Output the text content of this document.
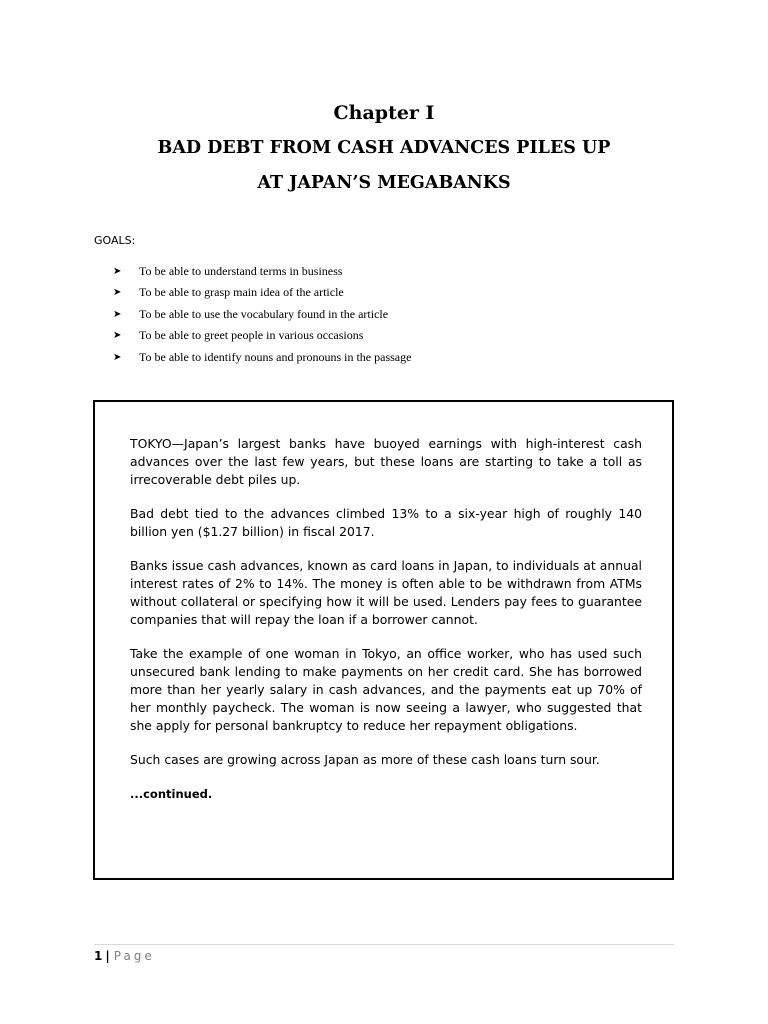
Chapter I
BAD DEBT FROM CASH ADVANCES PILES UP
AT JAPAN’S MEGABANKS
GOALS:
➤	To be able to understand terms in business
➤	To be able to grasp main idea of the article
➤	To be able to use the vocabulary found in the article
➤	To be able to greet people in various occasions
➤	To be able to identify nouns and pronouns in the passage

TOKYO—Japan’s largest banks have buoyed earnings with high-interest cash advances over the last few years, but these loans are starting to take a toll as irrecoverable debt piles up.

Bad debt tied to the advances climbed 13% to a six-year high of roughly 140 billion yen ($1.27 billion) in fiscal 2017.

Banks issue cash advances, known as card loans in Japan, to individuals at annual interest rates of 2% to 14%. The money is often able to be withdrawn from ATMs without collateral or specifying how it will be used. Lenders pay fees to guarantee companies that will repay the loan if a borrower cannot.

Take the example of one woman in Tokyo, an office worker, who has used such unsecured bank lending to make payments on her credit card. She has borrowed more than her yearly salary in cash advances, and the payments eat up 70% of her monthly paycheck. The woman is now seeing a lawyer, who suggested that she apply for personal bankruptcy to reduce her repayment obligations.

Such cases are growing across Japan as more of these cash loans turn sour.

...continued.

1 | Page
